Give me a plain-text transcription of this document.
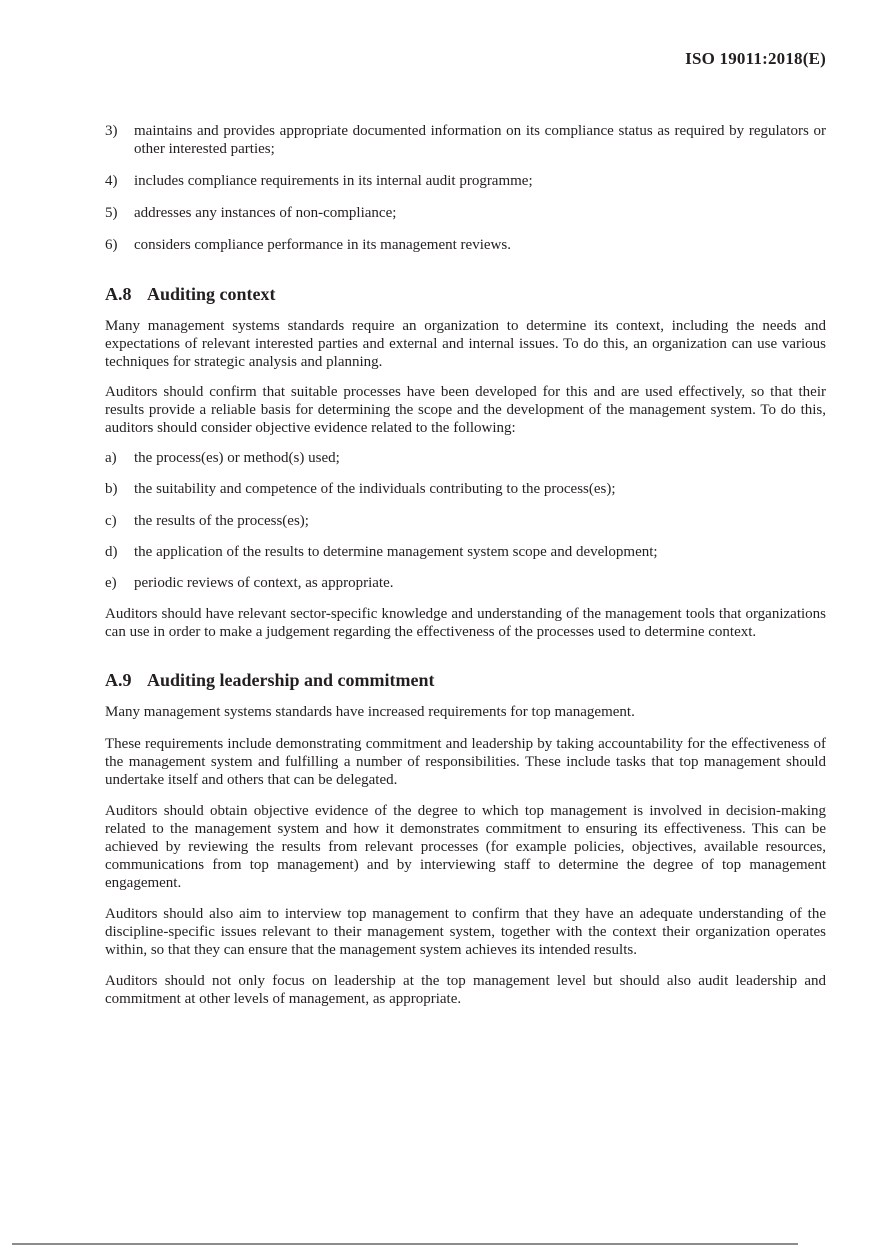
ISO 19011:2018(E)
3)	maintains and provides appropriate documented information on its compliance status as required by regulators or other interested parties;
4)	includes compliance requirements in its internal audit programme;
5)	addresses any instances of non-compliance;
6)	considers compliance performance in its management reviews.
A.8 Auditing context

Many management systems standards require an organization to determine its context, including the needs and expectations of relevant interested parties and external and internal issues. To do this, an organization can use various techniques for strategic analysis and planning.

Auditors should confirm that suitable processes have been developed for this and are used effectively, so that their results provide a reliable basis for determining the scope and the development of the management system. To do this, auditors should consider objective evidence related to the following:

a)	the process(es) or method(s) used;
b)	the suitability and competence of the individuals contributing to the process(es);
c)	the results of the process(es);
d)	the application of the results to determine management system scope and development;
e)	periodic reviews of context, as appropriate.

Auditors should have relevant sector-specific knowledge and understanding of the management tools that organizations can use in order to make a judgement regarding the effectiveness of the processes used to determine context.

A.9 Auditing leadership and commitment

Many management systems standards have increased requirements for top management.

These requirements include demonstrating commitment and leadership by taking accountability for the effectiveness of the management system and fulfilling a number of responsibilities. These include tasks that top management should undertake itself and others that can be delegated.

Auditors should obtain objective evidence of the degree to which top management is involved in decision-making related to the management system and how it demonstrates commitment to ensuring its effectiveness. This can be achieved by reviewing the results from relevant processes (for example policies, objectives, available resources, communications from top management) and by interviewing staff to determine the degree of top management engagement.

Auditors should also aim to interview top management to confirm that they have an adequate understanding of the discipline-specific issues relevant to their management system, together with the context their organization operates within, so that they can ensure that the management system achieves its intended results.

Auditors should not only focus on leadership at the top management level but should also audit leadership and commitment at other levels of management, as appropriate.
